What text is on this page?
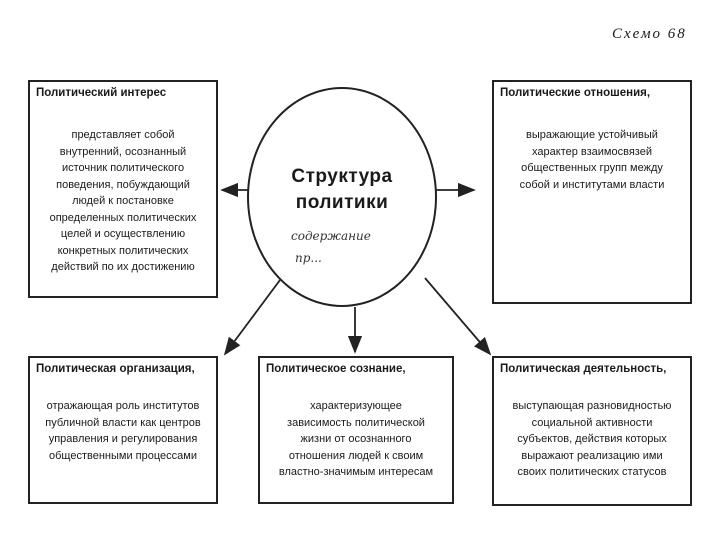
Схемо 68
Структура
политики
содержание
пр...
Политический интерес
представляет собой
внутренний, осознанный
источник политического
поведения, побуждающий
людей к постановке
определенных политических
целей и осуществлению
конкретных политических
действий по их достижению
Политические отношения,
выражающие устойчивый
характер взаимосвязей
общественных групп между
собой и институтами власти
Политическая организация,
отражающая роль институтов
публичной власти как центров
управления и регулирования
общественными процессами
Политическое сознание,
характеризующее
зависимость политической
жизни от осознанного
отношения людей к своим
властно-значимым интересам
Политическая деятельность,
выступающая разновидностью
социальной активности
субъектов, действия которых
выражают реализацию ими
своих политических статусов
